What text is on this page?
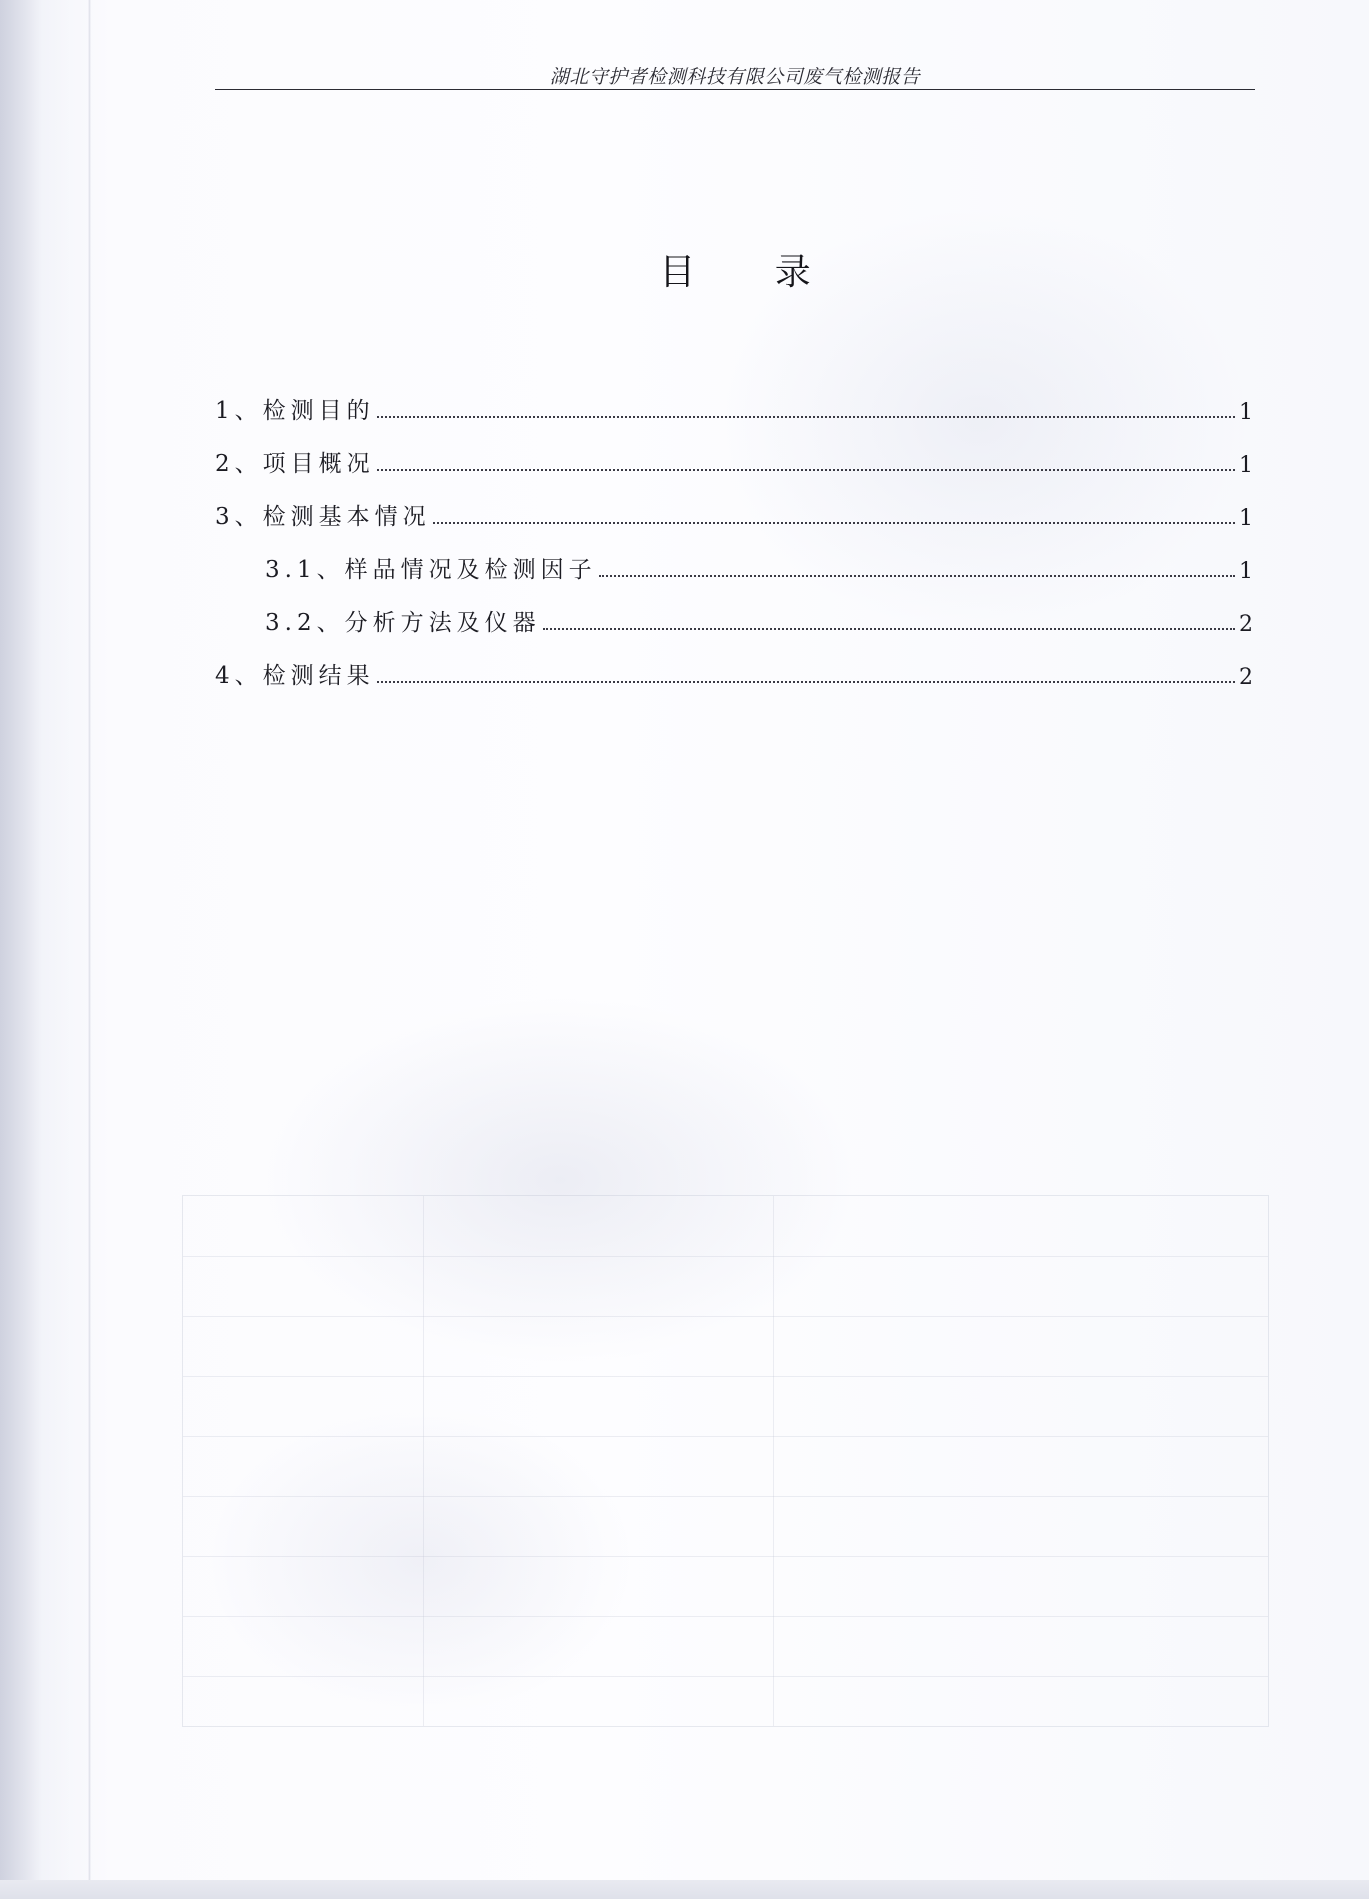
湖北守护者检测科技有限公司废气检测报告
目 录
1、检测目的	1
2、项目概况	1
3、检测基本情况	1
3.1、样品情况及检测因子	1
3.2、分析方法及仪器	2
4、检测结果	2
